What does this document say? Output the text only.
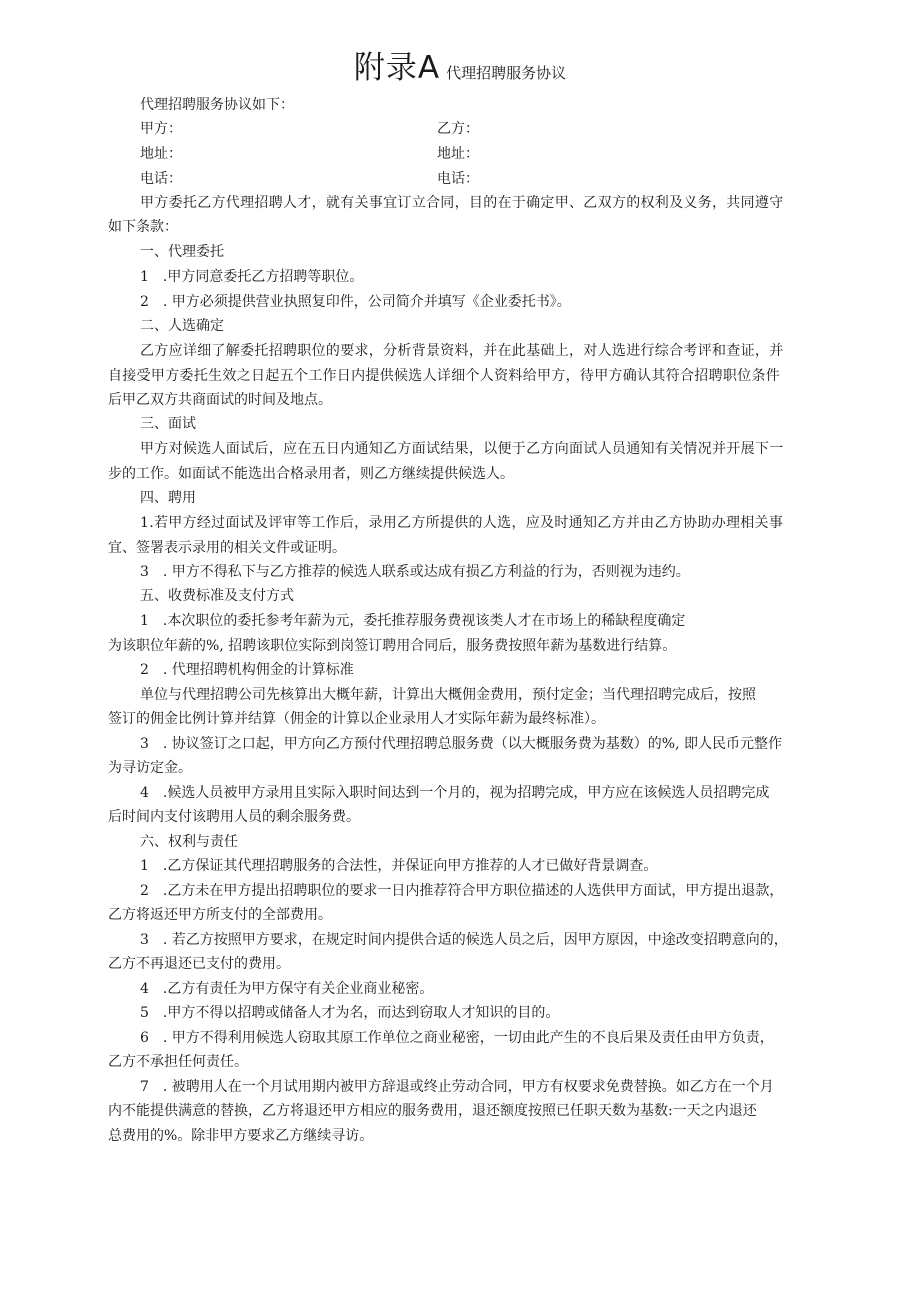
附录A 代理招聘服务协议
代理招聘服务协议如下：
甲方：	乙方：
地址：	地址：
电话：	电话：
甲方委托乙方代理招聘人才，就有关事宜订立合同，目的在于确定甲、乙双方的权利及义务，共同遵守
如下条款：
一、代理委托
1　.甲方同意委托乙方招聘等职位。
2　. 甲方必须提供营业执照复印件，公司简介并填写《企业委托书》。
二、人选确定
乙方应详细了解委托招聘职位的要求，分析背景资料，并在此基础上，对人选进行综合考评和查证，并
自接受甲方委托生效之日起五个工作日内提供候选人详细个人资料给甲方，待甲方确认其符合招聘职位条件
后甲乙双方共商面试的时间及地点。
三、面试
甲方对候选人面试后，应在五日内通知乙方面试结果，以便于乙方向面试人员通知有关情况并开展下一
步的工作。如面试不能选出合格录用者，则乙方继续提供候选人。
四、聘用
1.若甲方经过面试及评审等工作后，录用乙方所提供的人选，应及时通知乙方并由乙方协助办理相关事
宜、签署表示录用的相关文件或证明。
3　. 甲方不得私下与乙方推荐的候选人联系或达成有损乙方利益的行为，否则视为违约。
五、收费标准及支付方式
1　.本次职位的委托参考年薪为元，委托推荐服务费视该类人才在市场上的稀缺程度确定
为该职位年薪的%, 招聘该职位实际到岗签订聘用合同后，服务费按照年薪为基数进行结算。
2　. 代理招聘机构佣金的计算标准
单位与代理招聘公司先核算出大概年薪，计算出大概佣金费用，预付定金；当代理招聘完成后，按照
签订的佣金比例计算并结算（佣金的计算以企业录用人才实际年薪为最终标准）。
3　. 协议签订之口起，甲方向乙方预付代理招聘总服务费（以大概服务费为基数）的%, 即人民币元整作
为寻访定金。
4　.候选人员被甲方录用且实际入职时间达到一个月的，视为招聘完成，甲方应在该候选人员招聘完成
后时间内支付该聘用人员的剩余服务费。
六、权利与责任
1　.乙方保证其代理招聘服务的合法性，并保证向甲方推荐的人才已做好背景调查。
2　.乙方未在甲方提出招聘职位的要求一日内推荐符合甲方职位描述的人选供甲方面试，甲方提出退款，
乙方将返还甲方所支付的全部费用。
3　. 若乙方按照甲方要求，在规定时间内提供合适的候选人员之后，因甲方原因，中途改变招聘意向的，
乙方不再退还已支付的费用。
4　.乙方有责任为甲方保守有关企业商业秘密。
5　.甲方不得以招聘或储备人才为名，而达到窃取人才知识的目的。
6　. 甲方不得利用候选人窃取其原工作单位之商业秘密，一切由此产生的不良后果及责任由甲方负责，
乙方不承担任何责任。
7　. 被聘用人在一个月试用期内被甲方辞退或终止劳动合同，甲方有权要求免费替换。如乙方在一个月
内不能提供满意的替换，乙方将退还甲方相应的服务费用，退还额度按照已任职天数为基数:一天之内退还
总费用的%。除非甲方要求乙方继续寻访。
